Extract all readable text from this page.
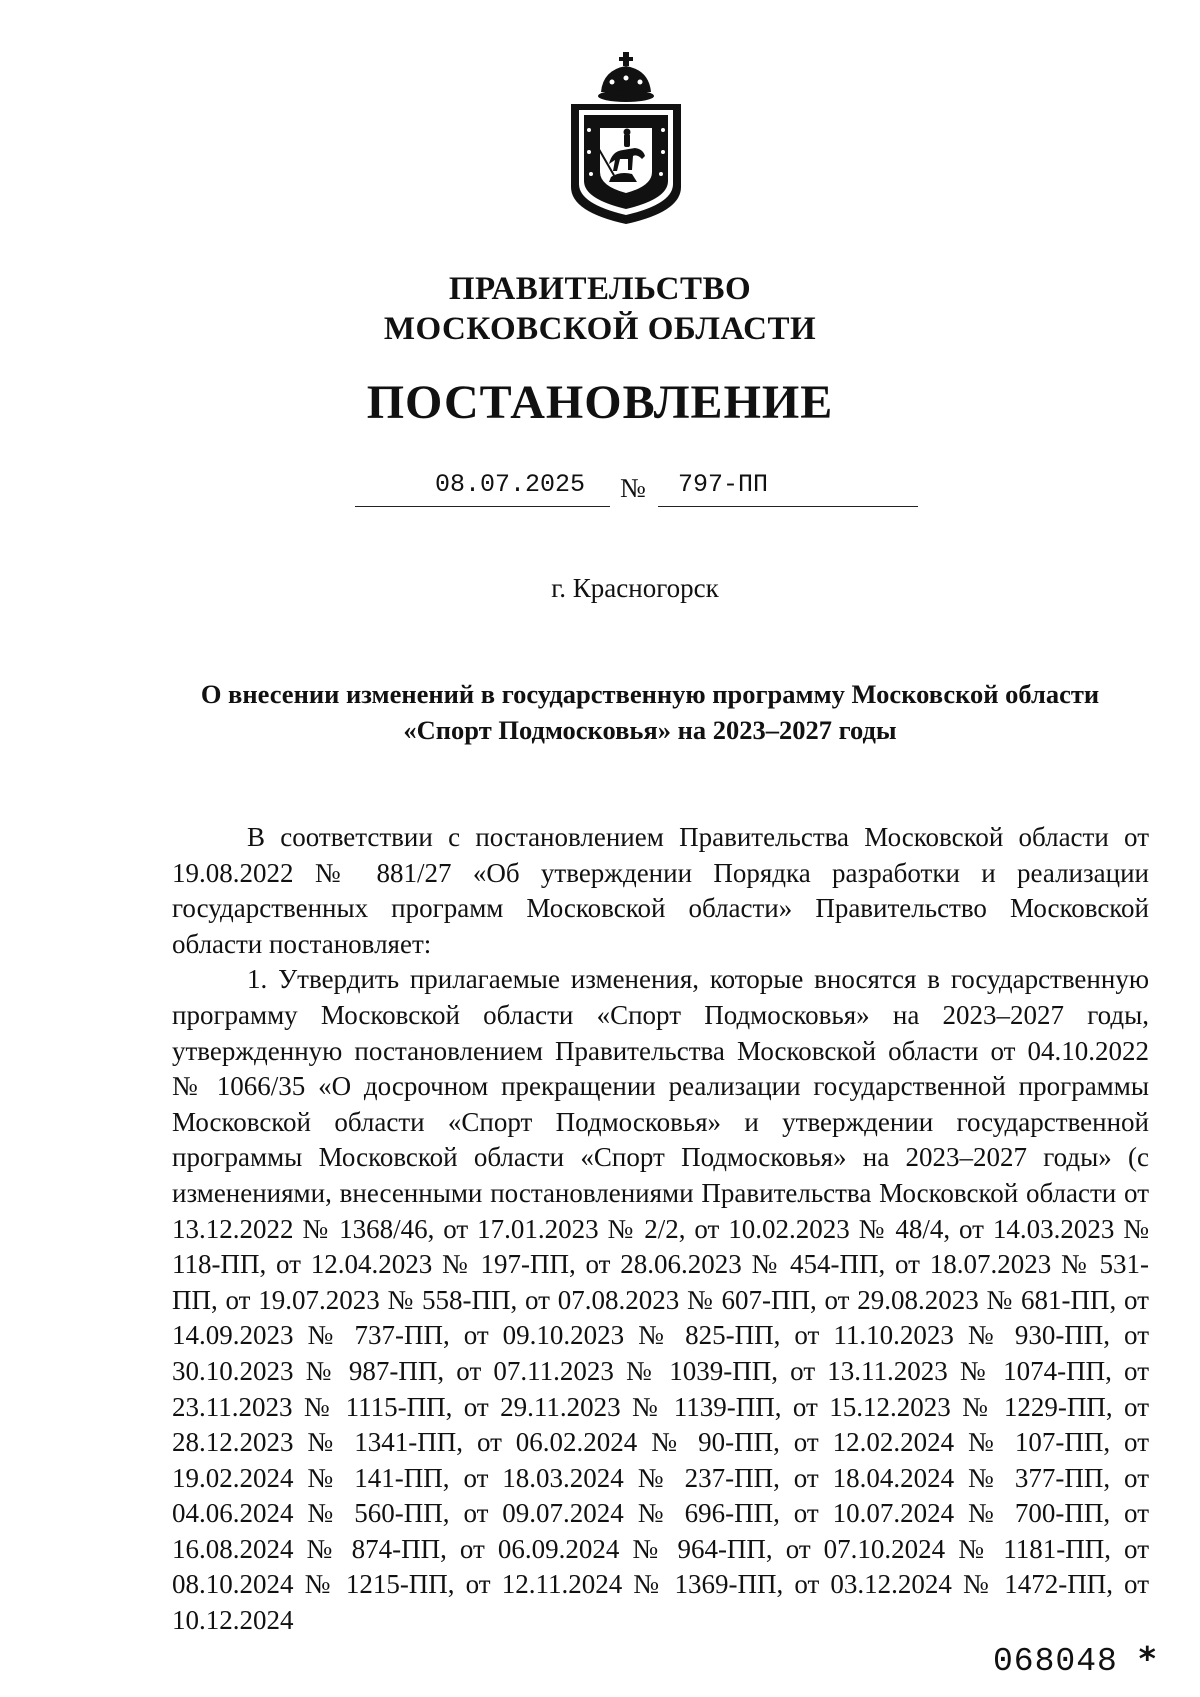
ПРАВИТЕЛЬСТВО
МОСКОВСКОЙ ОБЛАСТИ
ПОСТАНОВЛЕНИЕ
08.07.2025 № 797-ПП
г. Красногорск
О внесении изменений в государственную программу Московской области
«Спорт Подмосковья» на 2023–2027 годы

В соответствии с постановлением Правительства Московской области от 19.08.2022 № 881/27 «Об утверждении Порядка разработки и реализации государственных программ Московской области» Правительство Московской области постановляет:

1. Утвердить прилагаемые изменения, которые вносятся в государственную программу Московской области «Спорт Подмосковья» на 2023–2027 годы, утвержденную постановлением Правительства Московской области от 04.10.2022 № 1066/35 «О досрочном прекращении реализации государственной программы Московской области «Спорт Подмосковья» и утверждении государственной программы Московской области «Спорт Подмосковья» на 2023–2027 годы» (с изменениями, внесенными постановлениями Правительства Московской области от 13.12.2022 № 1368/46, от 17.01.2023 № 2/2, от 10.02.2023 № 48/4, от 14.03.2023 № 118-ПП, от 12.04.2023 № 197-ПП, от 28.06.2023 № 454-ПП, от 18.07.2023 № 531-ПП, от 19.07.2023 № 558-ПП, от 07.08.2023 № 607-ПП, от 29.08.2023 № 681-ПП, от 14.09.2023 № 737-ПП, от 09.10.2023 № 825-ПП, от 11.10.2023 № 930-ПП, от 30.10.2023 № 987-ПП, от 07.11.2023 № 1039-ПП, от 13.11.2023 № 1074-ПП, от 23.11.2023 № 1115-ПП, от 29.11.2023 № 1139-ПП, от 15.12.2023 № 1229-ПП, от 28.12.2023 № 1341-ПП, от 06.02.2024 № 90-ПП, от 12.02.2024 № 107-ПП, от 19.02.2024 № 141-ПП, от 18.03.2024 № 237-ПП, от 18.04.2024 № 377-ПП, от 04.06.2024 № 560-ПП, от 09.07.2024 № 696-ПП, от 10.07.2024 № 700-ПП, от 16.08.2024 № 874-ПП, от 06.09.2024 № 964-ПП, от 07.10.2024 № 1181-ПП, от 08.10.2024 № 1215-ПП, от 12.11.2024 № 1369-ПП, от 03.12.2024 № 1472-ПП, от 10.12.2024

068048 *
